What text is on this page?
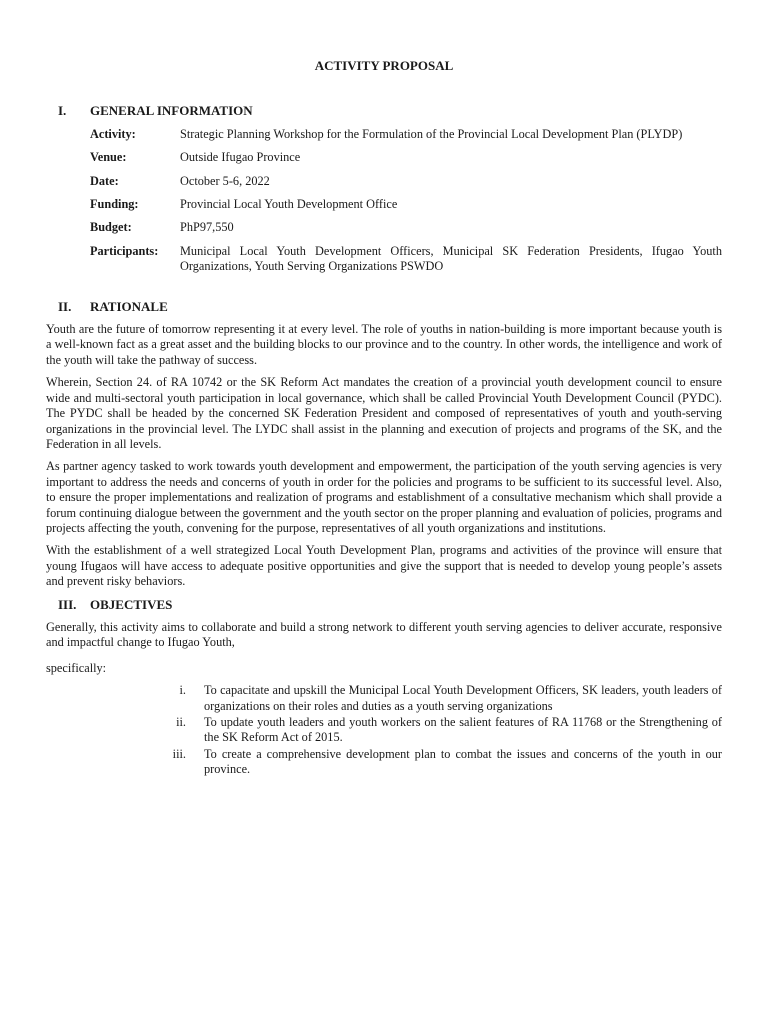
ACTIVITY PROPOSAL
I.	GENERAL INFORMATION
Activity:	Strategic Planning Workshop for the Formulation of the Provincial Local Development Plan (PLYDP)
Venue:	Outside Ifugao Province
Date:	October 5-6, 2022
Funding:	Provincial Local Youth Development Office
Budget:	PhP97,550
Participants:	Municipal Local Youth Development Officers, Municipal SK Federation Presidents, Ifugao Youth Organizations, Youth Serving Organizations PSWDO
II.	RATIONALE

Youth are the future of tomorrow representing it at every level. The role of youths in nation-building is more important because youth is a well-known fact as a great asset and the building blocks to our province and to the country. In other words, the intelligence and work of the youth will take the pathway of success.

Wherein, Section 24. of RA 10742 or the SK Reform Act mandates the creation of a provincial youth development council to ensure wide and multi-sectoral youth participation in local governance, which shall be called Provincial Youth Development Council (PYDC). The PYDC shall be headed by the concerned SK Federation President and composed of representatives of youth and youth-serving organizations in the provincial level. The LYDC shall assist in the planning and execution of projects and programs of the SK, and the Federation in all levels.

As partner agency tasked to work towards youth development and empowerment, the participation of the youth serving agencies is very important to address the needs and concerns of youth in order for the policies and programs to be sufficient to its successful level. Also, to ensure the proper implementations and realization of programs and establishment of a consultative mechanism which shall provide a forum continuing dialogue between the government and the youth sector on the proper planning and evaluation of policies, programs and projects affecting the youth, convening for the purpose, representatives of all youth organizations and institutions.

With the establishment of a well strategized Local Youth Development Plan, programs and activities of the province will ensure that young Ifugaos will have access to adequate positive opportunities and give the support that is needed to develop young people’s assets and prevent risky behaviors.

III.	OBJECTIVES

Generally, this activity aims to collaborate and build a strong network to different youth serving agencies to deliver accurate, responsive and impactful change to Ifugao Youth,

specifically:

i.	To capacitate and upskill the Municipal Local Youth Development Officers, SK leaders, youth leaders of organizations on their roles and duties as a youth serving organizations
ii.	To update youth leaders and youth workers on the salient features of RA 11768 or the Strengthening of the SK Reform Act of 2015.
iii.	To create a comprehensive development plan to combat the issues and concerns of the youth in our province.
